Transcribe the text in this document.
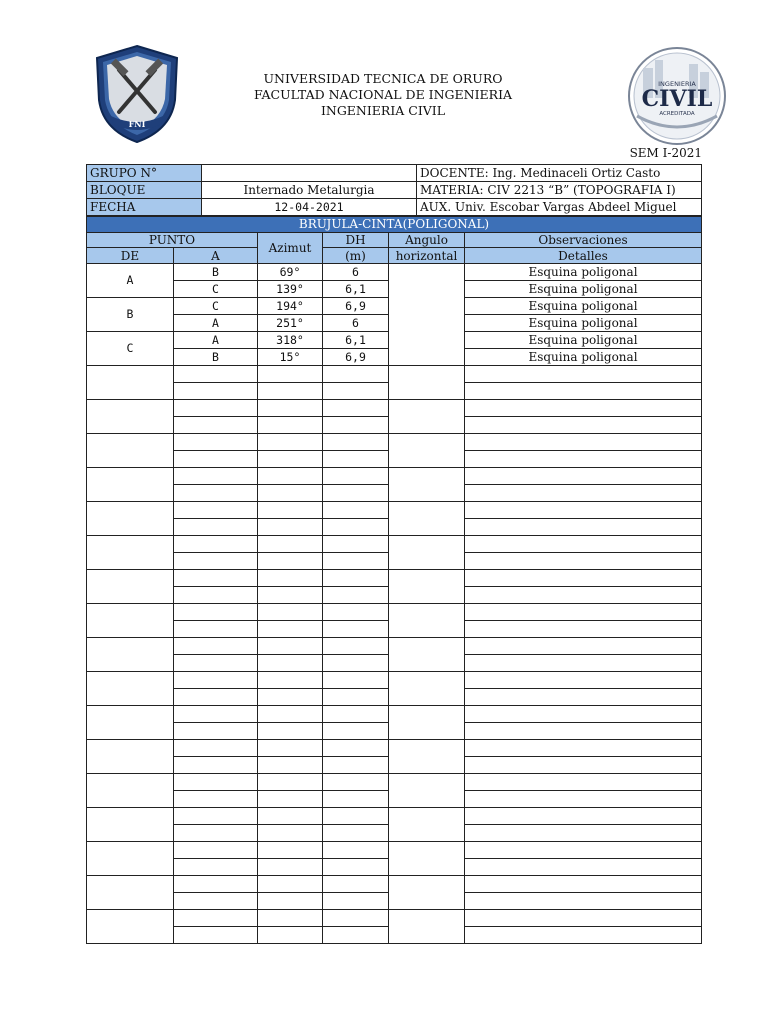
FNI
UNIVERSIDAD TECNICA DE ORURO
FACULTAD NACIONAL DE INGENIERIA
INGENIERIA CIVIL
INGENIERIA
CIVIL
ACREDITADA
SEM I-2021
GRUPO N°		DOCENTE: Ing. Medinaceli Ortiz Casto
BLOQUE	Internado Metalurgia	MATERIA: CIV 2213 “B” (TOPOGRAFIA I)
FECHA	12-04-2021	AUX. Univ. Escobar Vargas Abdeel Miguel
BRUJULA-CINTA(POLIGONAL)					
PUNTO		Azimut	DH	Angulo	Observaciones
DE	A		(m)	horizontal	Detalles
A	B	69°	6		Esquina poligonal
	C	139°	6,1		Esquina poligonal
B	C	194°	6,9		Esquina poligonal
	A	251°	6		Esquina poligonal
C	A	318°	6,1		Esquina poligonal
	B	15°	6,9		Esquina poligonal
